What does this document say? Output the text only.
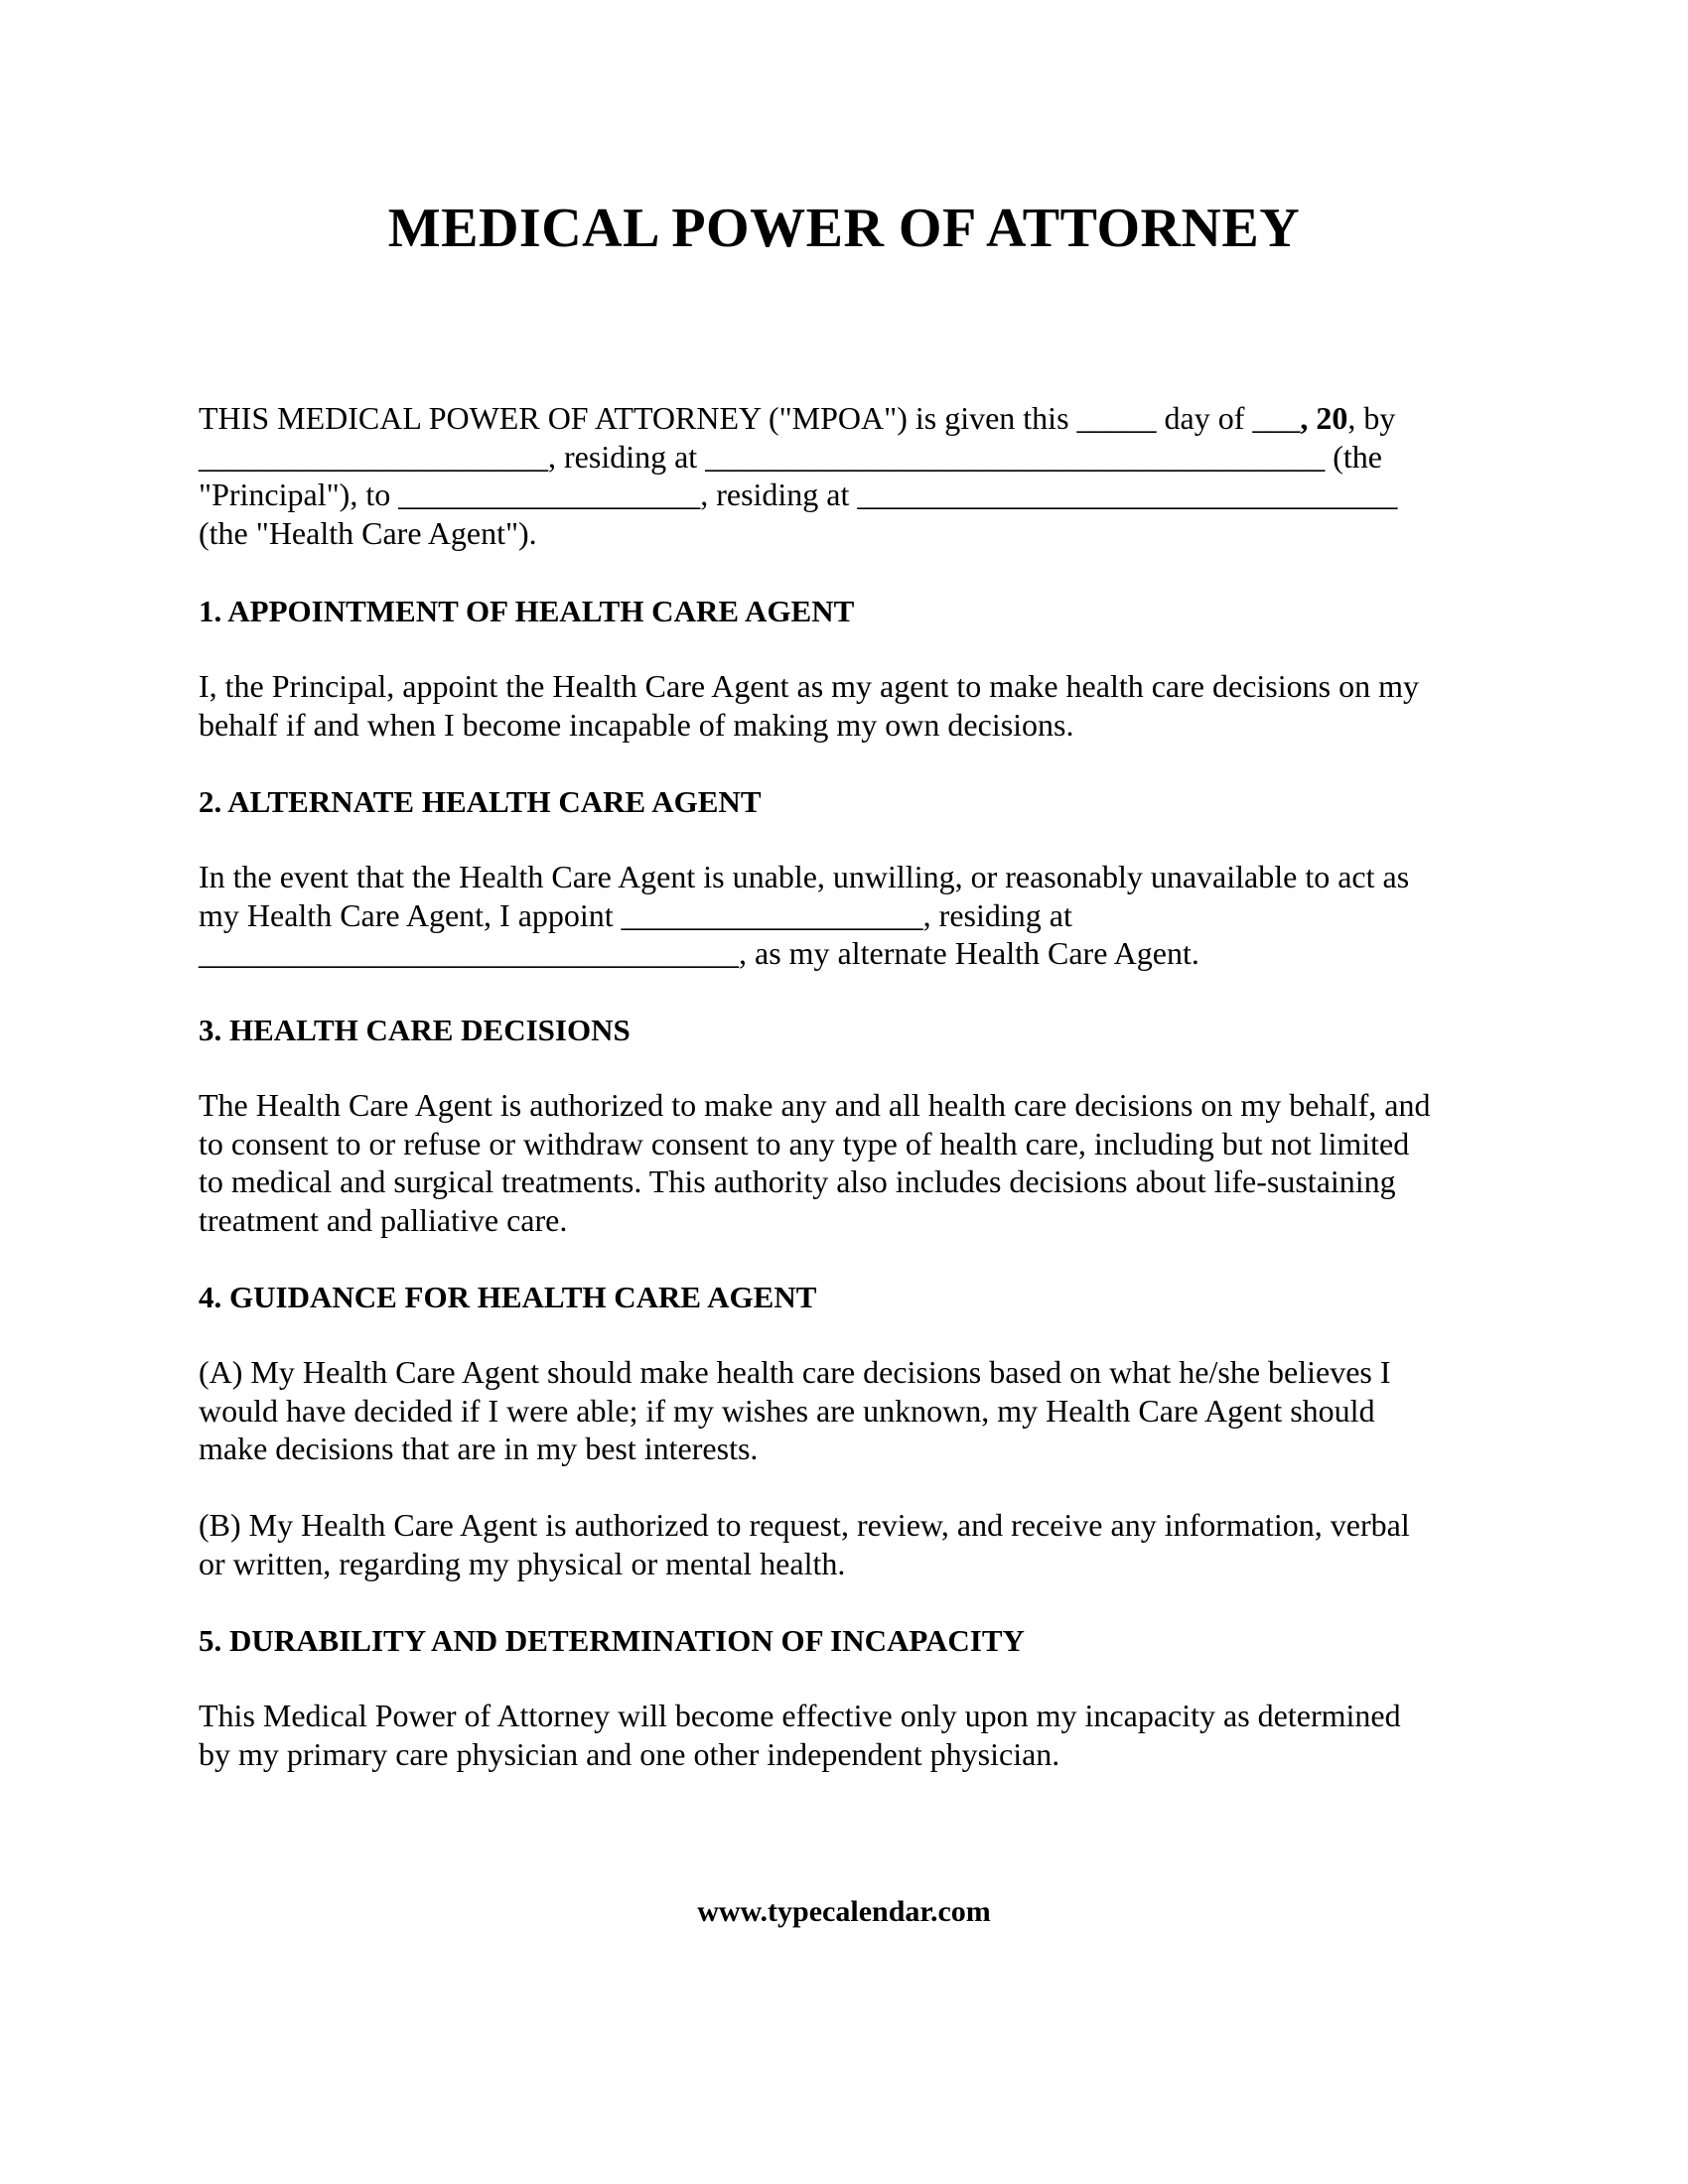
MEDICAL POWER OF ATTORNEY
THIS MEDICAL POWER OF ATTORNEY ("MPOA") is given this _____ day of ___, 20, by
______________________, residing at _______________________________________ (the
"Principal"), to ___________________, residing at __________________________________
(the "Health Care Agent").
1. APPOINTMENT OF HEALTH CARE AGENT
I, the Principal, appoint the Health Care Agent as my agent to make health care decisions on my
behalf if and when I become incapable of making my own decisions.
2. ALTERNATE HEALTH CARE AGENT
In the event that the Health Care Agent is unable, unwilling, or reasonably unavailable to act as
my Health Care Agent, I appoint ___________________, residing at
__________________________________, as my alternate Health Care Agent.
3. HEALTH CARE DECISIONS
The Health Care Agent is authorized to make any and all health care decisions on my behalf, and
to consent to or refuse or withdraw consent to any type of health care, including but not limited
to medical and surgical treatments. This authority also includes decisions about life-sustaining
treatment and palliative care.
4. GUIDANCE FOR HEALTH CARE AGENT
(A) My Health Care Agent should make health care decisions based on what he/she believes I
would have decided if I were able; if my wishes are unknown, my Health Care Agent should
make decisions that are in my best interests.
(B) My Health Care Agent is authorized to request, review, and receive any information, verbal
or written, regarding my physical or mental health.
5. DURABILITY AND DETERMINATION OF INCAPACITY
This Medical Power of Attorney will become effective only upon my incapacity as determined
by my primary care physician and one other independent physician.

www.typecalendar.com
